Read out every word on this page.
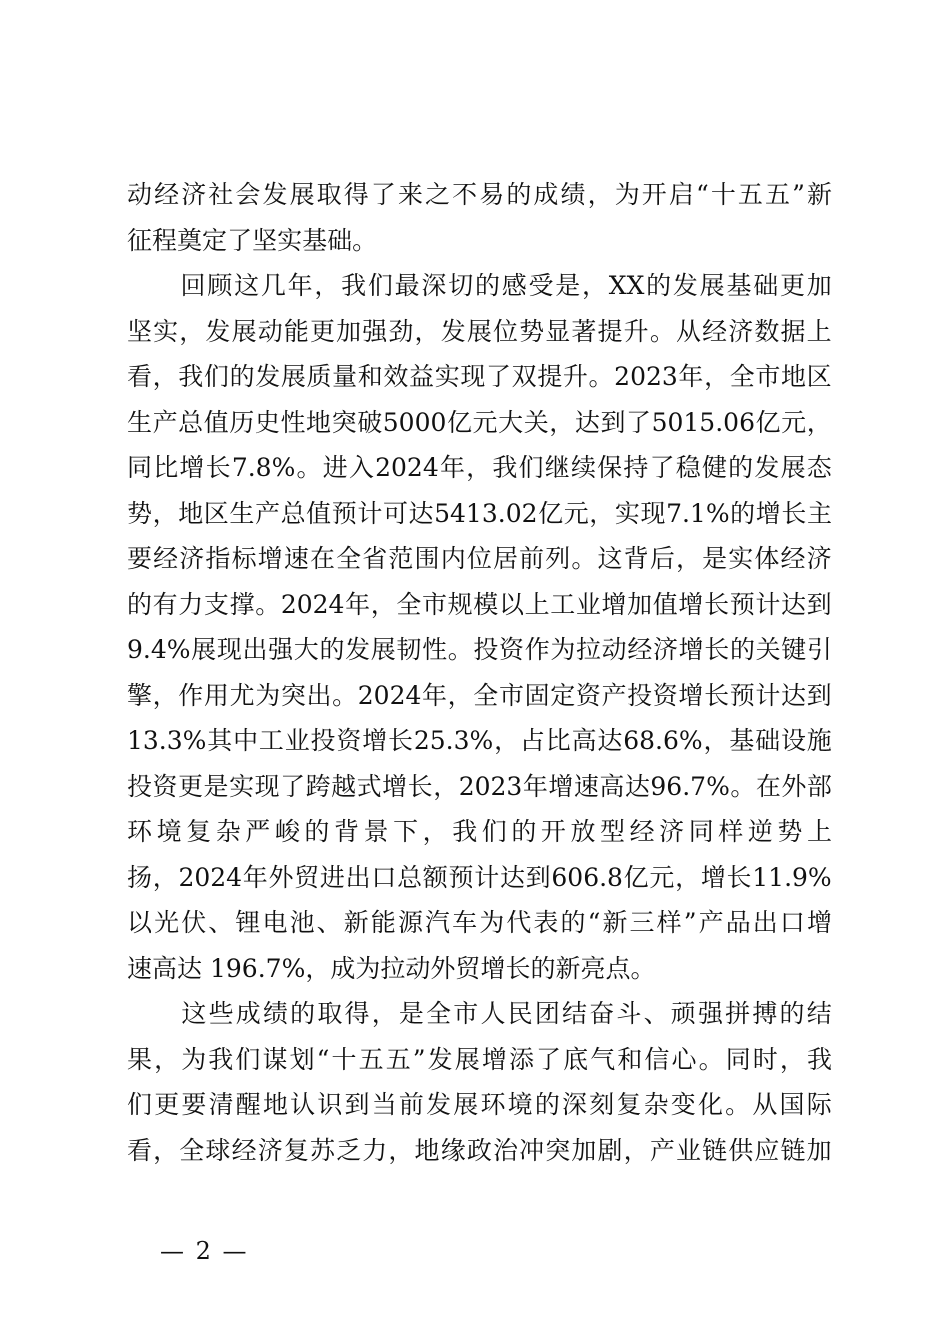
动 经 济 社 会 发 展 取 得 了 来 之 不 易 的 成 绩 ， 为 开 启 “ 十 五 五 ” 新
征 程 奠 定 了 坚 实 基 础 。

回 顾 这 几 年 ， 我 们 最 深 切 的 感 受 是 ， XX 的 发 展 基 础 更 加
坚 实 ， 发 展 动 能 更 加 强 劲 ， 发 展 位 势 显 著 提 升 。 从 经 济 数 据 上
看 ， 我 们 的 发 展 质 量 和 效 益 实 现 了 双 提 升 。 2023 年 ， 全 市 地 区
生 产 总 值 历 史 性 地 突 破 5000 亿 元 大 关 ， 达 到 了 5015.06 亿 元 ，
同 比 增 长 7.8% 。 进 入 2024 年 ， 我 们 继 续 保 持 了 稳 健 的 发 展 态
势 ， 地 区 生 产 总 值 预 计 可 达 5413.02 亿 元 ， 实 现 7.1% 的 增 长 主
要 经 济 指 标 增 速 在 全 省 范 围 内 位 居 前 列 。 这 背 后 ， 是 实 体 经 济
的 有 力 支 撑 。 2024 年 ， 全 市 规 模 以 上 工 业 增 加 值 增 长 预 计 达 到
9.4% 展 现 出 强 大 的 发 展 韧 性 。 投 资 作 为 拉 动 经 济 增 长 的 关 键 引
擎 ， 作 用 尤 为 突 出 。 2024 年 ， 全 市 固 定 资 产 投 资 增 长 预 计 达 到
13.3% 其 中 工 业 投 资 增 长 25.3% ， 占 比 高 达 68.6% ， 基 础 设 施
投 资 更 是 实 现 了 跨 越 式 增 长 ， 2023 年 增 速 高 达 96.7% 。 在 外 部
环 境 复 杂 严 峻 的 背 景 下 ， 我 们 的 开 放 型 经 济 同 样 逆 势 上
扬 ， 2024 年 外 贸 进 出 口 总 额 预 计 达 到 606.8 亿 元 ， 增 长 11.9%
以 光 伏 、 锂 电 池 、 新 能 源 汽 车 为 代 表 的 “ 新 三 样 ” 产 品 出 口 增
速 高 达
196.7% ， 成 为 拉 动 外 贸 增 长 的 新 亮 点 。

这 些 成 绩 的 取 得 ， 是 全 市 人 民 团 结 奋 斗 、 顽 强 拼 搏 的 结
果 ， 为 我 们 谋 划 “ 十 五 五 ” 发 展 增 添 了 底 气 和 信 心 。 同 时 ， 我
们 更 要 清 醒 地 认 识 到 当 前 发 展 环 境 的 深 刻 复 杂 变 化 。 从 国 际
看 ， 全 球 经 济 复 苏 乏 力 ， 地 缘 政 治 冲 突 加 剧 ， 产 业 链 供 应 链 加
— 2 —
